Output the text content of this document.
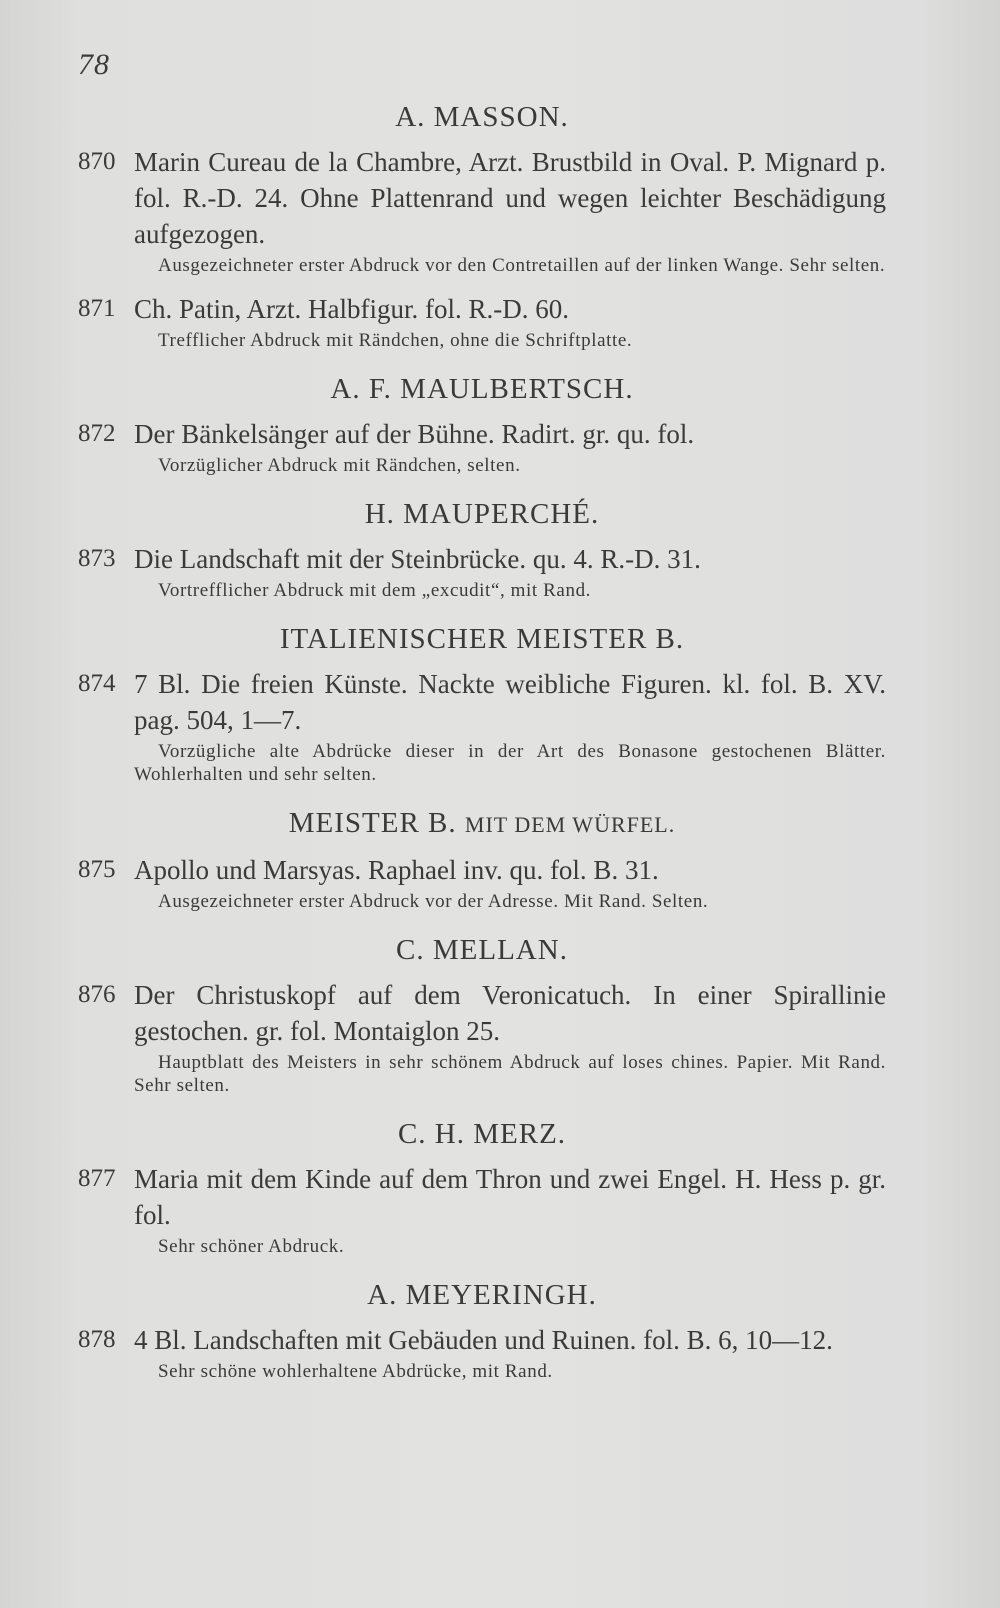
78
A. MASSON.
870 Marin Cureau de la Chambre, Arzt. Brustbild in Oval. P. Mignard p. fol. R.-D. 24. Ohne Plattenrand und wegen leichter Beschädigung aufgezogen.
Ausgezeichneter erster Abdruck vor den Contretaillen auf der linken Wange. Sehr selten.
871 Ch. Patin, Arzt. Halbfigur. fol. R.-D. 60.
Trefflicher Abdruck mit Rändchen, ohne die Schriftplatte.
A. F. MAULBERTSCH.
872 Der Bänkelsänger auf der Bühne. Radirt. gr. qu. fol.
Vorzüglicher Abdruck mit Rändchen, selten.
H. MAUPERCHÉ.
873 Die Landschaft mit der Steinbrücke. qu. 4. R.-D. 31.
Vortrefflicher Abdruck mit dem „excudit“, mit Rand.
ITALIENISCHER MEISTER B.
874 7 Bl. Die freien Künste. Nackte weibliche Figuren. kl. fol. B. XV. pag. 504, 1—7.
Vorzügliche alte Abdrücke dieser in der Art des Bonasone gestochenen Blätter. Wohlerhalten und sehr selten.
MEISTER B. MIT DEM WÜRFEL.
875 Apollo und Marsyas. Raphael inv. qu. fol. B. 31.
Ausgezeichneter erster Abdruck vor der Adresse. Mit Rand. Selten.
C. MELLAN.
876 Der Christuskopf auf dem Veronicatuch. In einer Spirallinie gestochen. gr. fol. Montaiglon 25.
Hauptblatt des Meisters in sehr schönem Abdruck auf loses chines. Papier. Mit Rand. Sehr selten.
C. H. MERZ.
877 Maria mit dem Kinde auf dem Thron und zwei Engel. H. Hess p. gr. fol.
Sehr schöner Abdruck.
A. MEYERINGH.
878 4 Bl. Landschaften mit Gebäuden und Ruinen. fol. B. 6, 10—12.
Sehr schöne wohlerhaltene Abdrücke, mit Rand.
